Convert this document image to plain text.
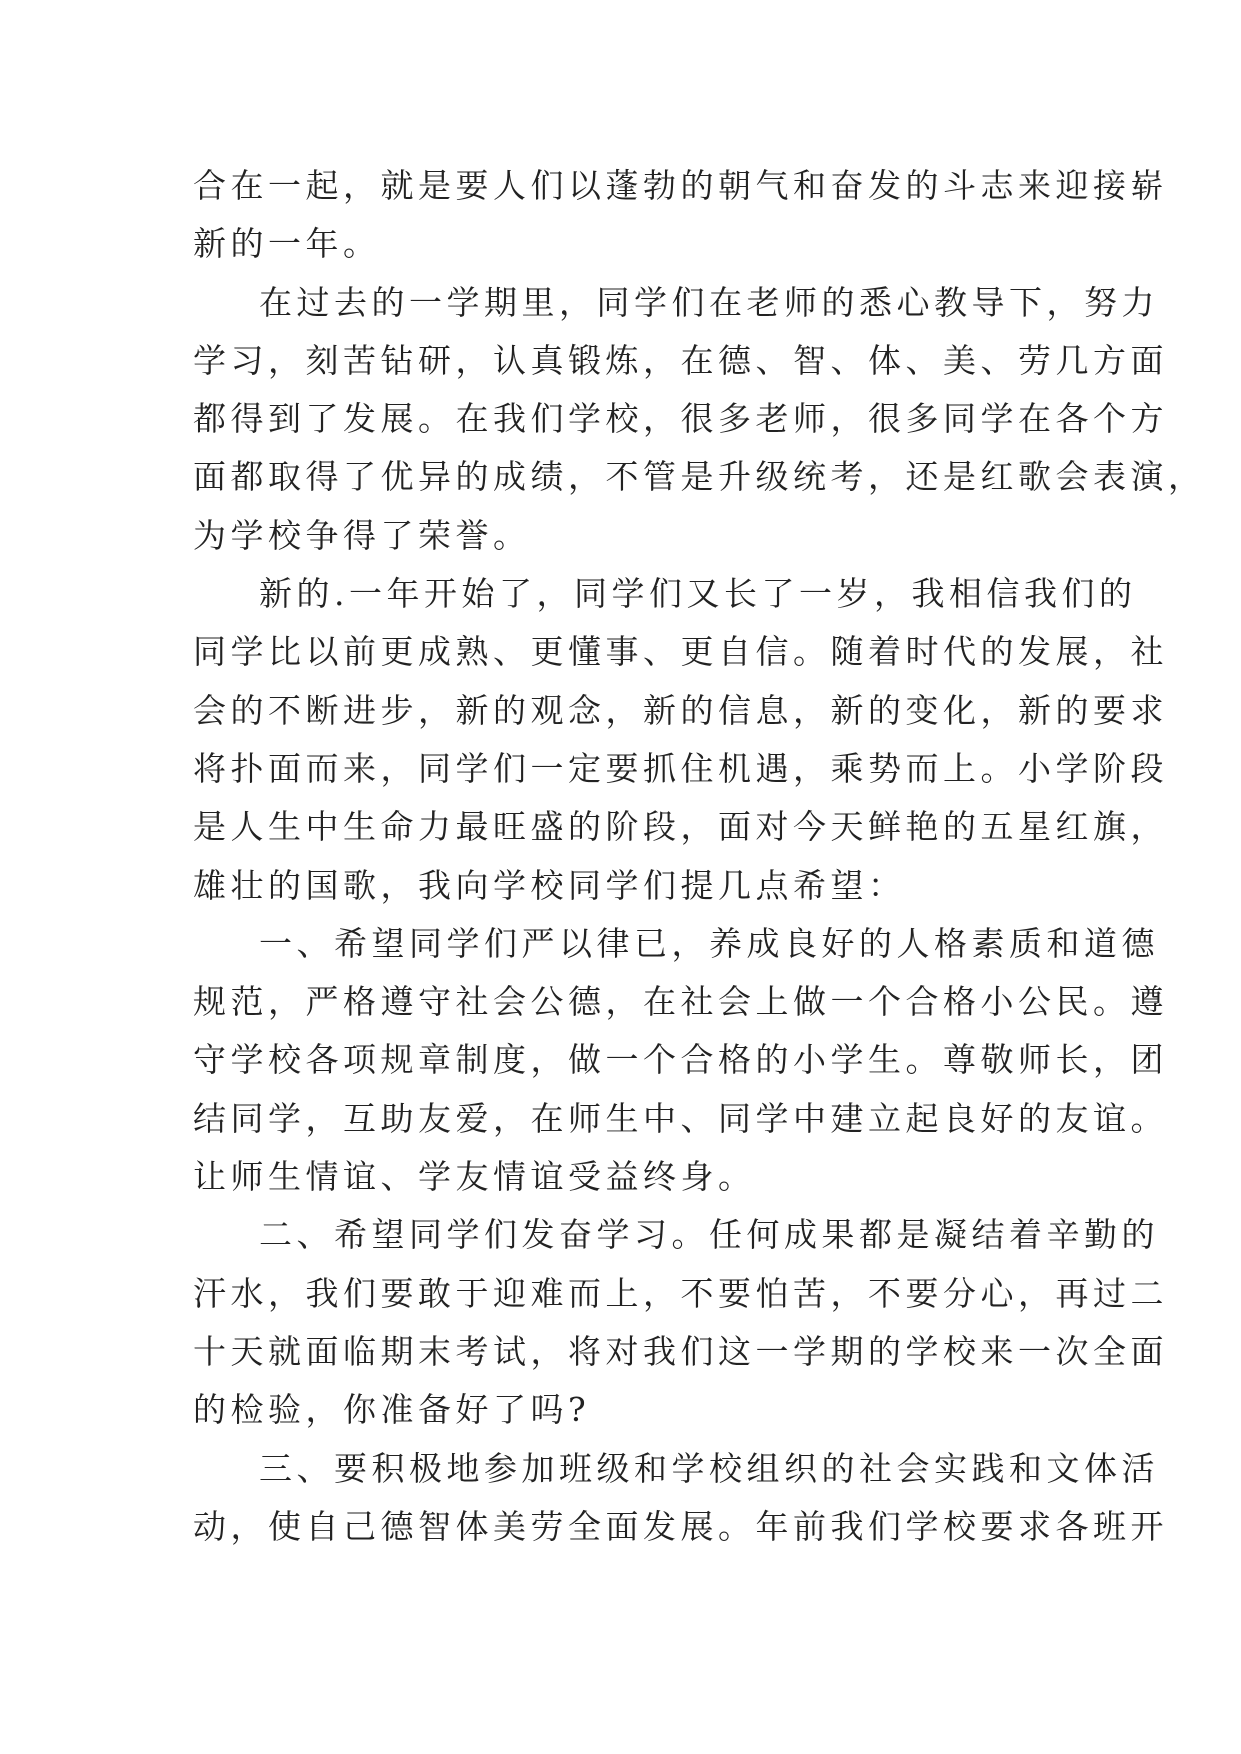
合在一起，就是要人们以蓬勃的朝气和奋发的斗志来迎接崭
新的一年。
在过去的一学期里，同学们在老师的悉心教导下，努力
学习，刻苦钻研，认真锻炼，在德、智、体、美、劳几方面
都得到了发展。在我们学校，很多老师，很多同学在各个方
面都取得了优异的成绩，不管是升级统考，还是红歌会表演，
为学校争得了荣誉。
新的.一年开始了，同学们又长了一岁，我相信我们的
同学比以前更成熟、更懂事、更自信。随着时代的发展，社
会的不断进步，新的观念，新的信息，新的变化，新的要求
将扑面而来，同学们一定要抓住机遇，乘势而上。小学阶段
是人生中生命力最旺盛的阶段，面对今天鲜艳的五星红旗，
雄壮的国歌，我向学校同学们提几点希望：
一、希望同学们严以律已，养成良好的人格素质和道德
规范，严格遵守社会公德，在社会上做一个合格小公民。遵
守学校各项规章制度，做一个合格的小学生。尊敬师长，团
结同学，互助友爱，在师生中、同学中建立起良好的友谊。
让师生情谊、学友情谊受益终身。
二、希望同学们发奋学习。任何成果都是凝结着辛勤的
汗水，我们要敢于迎难而上，不要怕苦，不要分心，再过二
十天就面临期末考试，将对我们这一学期的学校来一次全面
的检验，你准备好了吗?
三、要积极地参加班级和学校组织的社会实践和文体活
动，使自己德智体美劳全面发展。年前我们学校要求各班开
